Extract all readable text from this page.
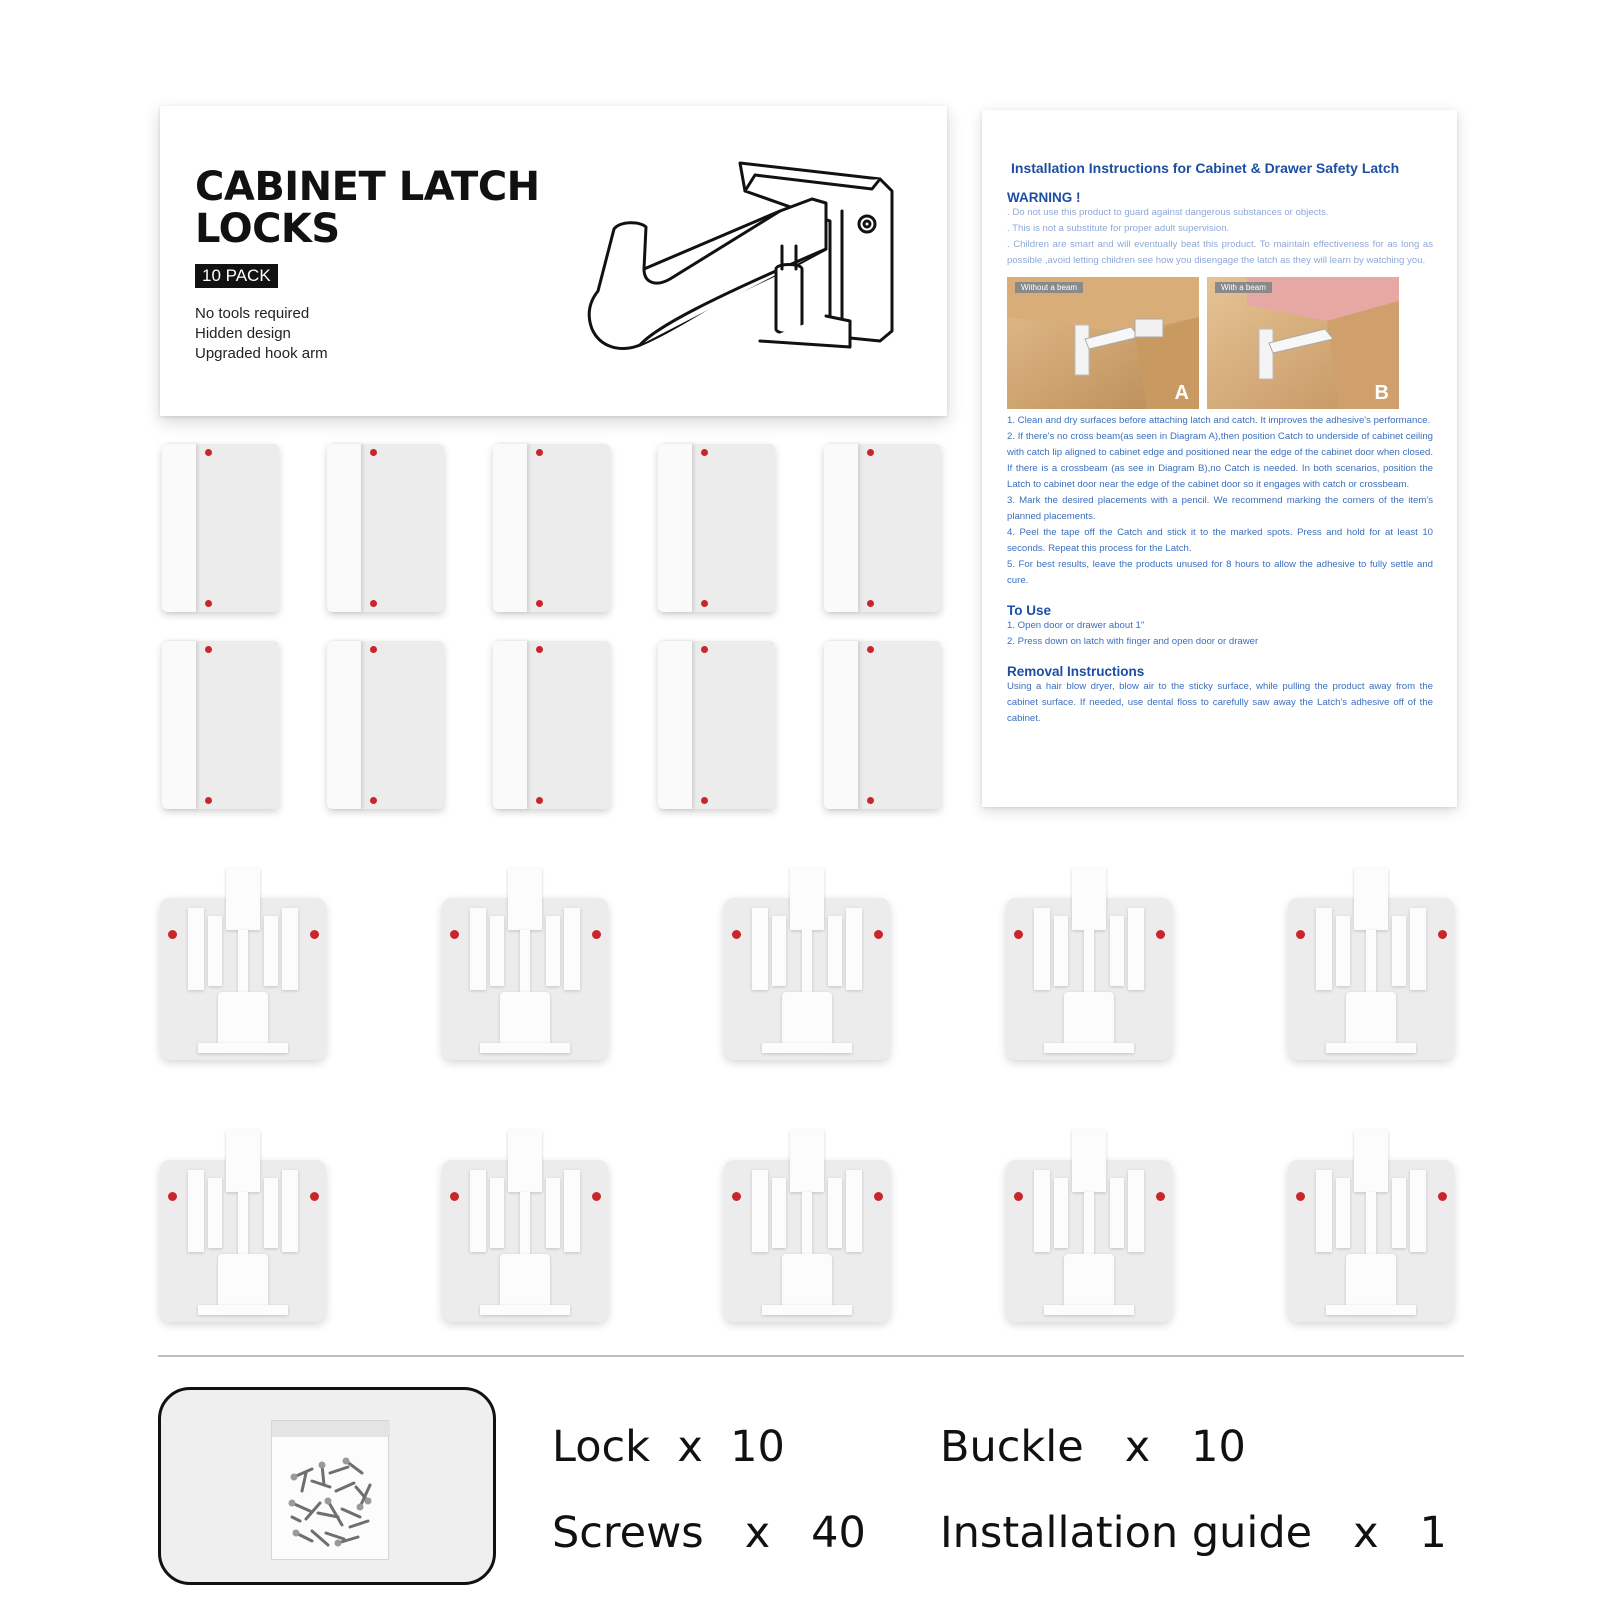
CABINET LATCH
LOCKS
10 PACK
No tools required
Hidden design
Upgraded hook arm
Installation Instructions for Cabinet & Drawer Safety Latch
WARNING !
. Do not use this product to guard against dangerous substances or objects.
. This is not a substitute for proper adult supervision.
. Children are smart and will eventually beat this product. To maintain effectiveness for as long as possible ,avoid letting children see how you disengage the latch as they will learn by watching you.
Without a beam
A
With a beam
B
1. Clean and dry surfaces before attaching latch and catch. It improves the adhesive's performance.
2. If there's no cross beam(as seen in Diagram A),then position Catch to underside of cabinet ceiling with catch lip aligned to cabinet edge and positioned near the edge of the cabinet door when closed. If there is a crossbeam (as see in Diagram B),no Catch is needed. In both scenarios, position the Latch to cabinet door near the edge of the cabinet door so it engages with catch or crossbeam.
3. Mark the desired placements with a pencil. We recommend marking the corners of the item's planned placements.
4. Peel the tape off the Catch and stick it to the marked spots. Press and hold for at least 10 seconds. Repeat this process for the Latch.
5. For best results, leave the products unused for 8 hours to allow the adhesive to fully settle and cure.
To Use
1. Open door or drawer about 1"
2. Press down on latch with finger and open door or drawer
Removal Instructions
Using a hair blow dryer, blow air to the sticky surface, while pulling the product away from the cabinet surface. If needed, use dental floss to carefully saw away the Latch's adhesive off of the cabinet.
Lock  x  10	Buckle   x   10
Screws   x   40 Installation guide   x   1
